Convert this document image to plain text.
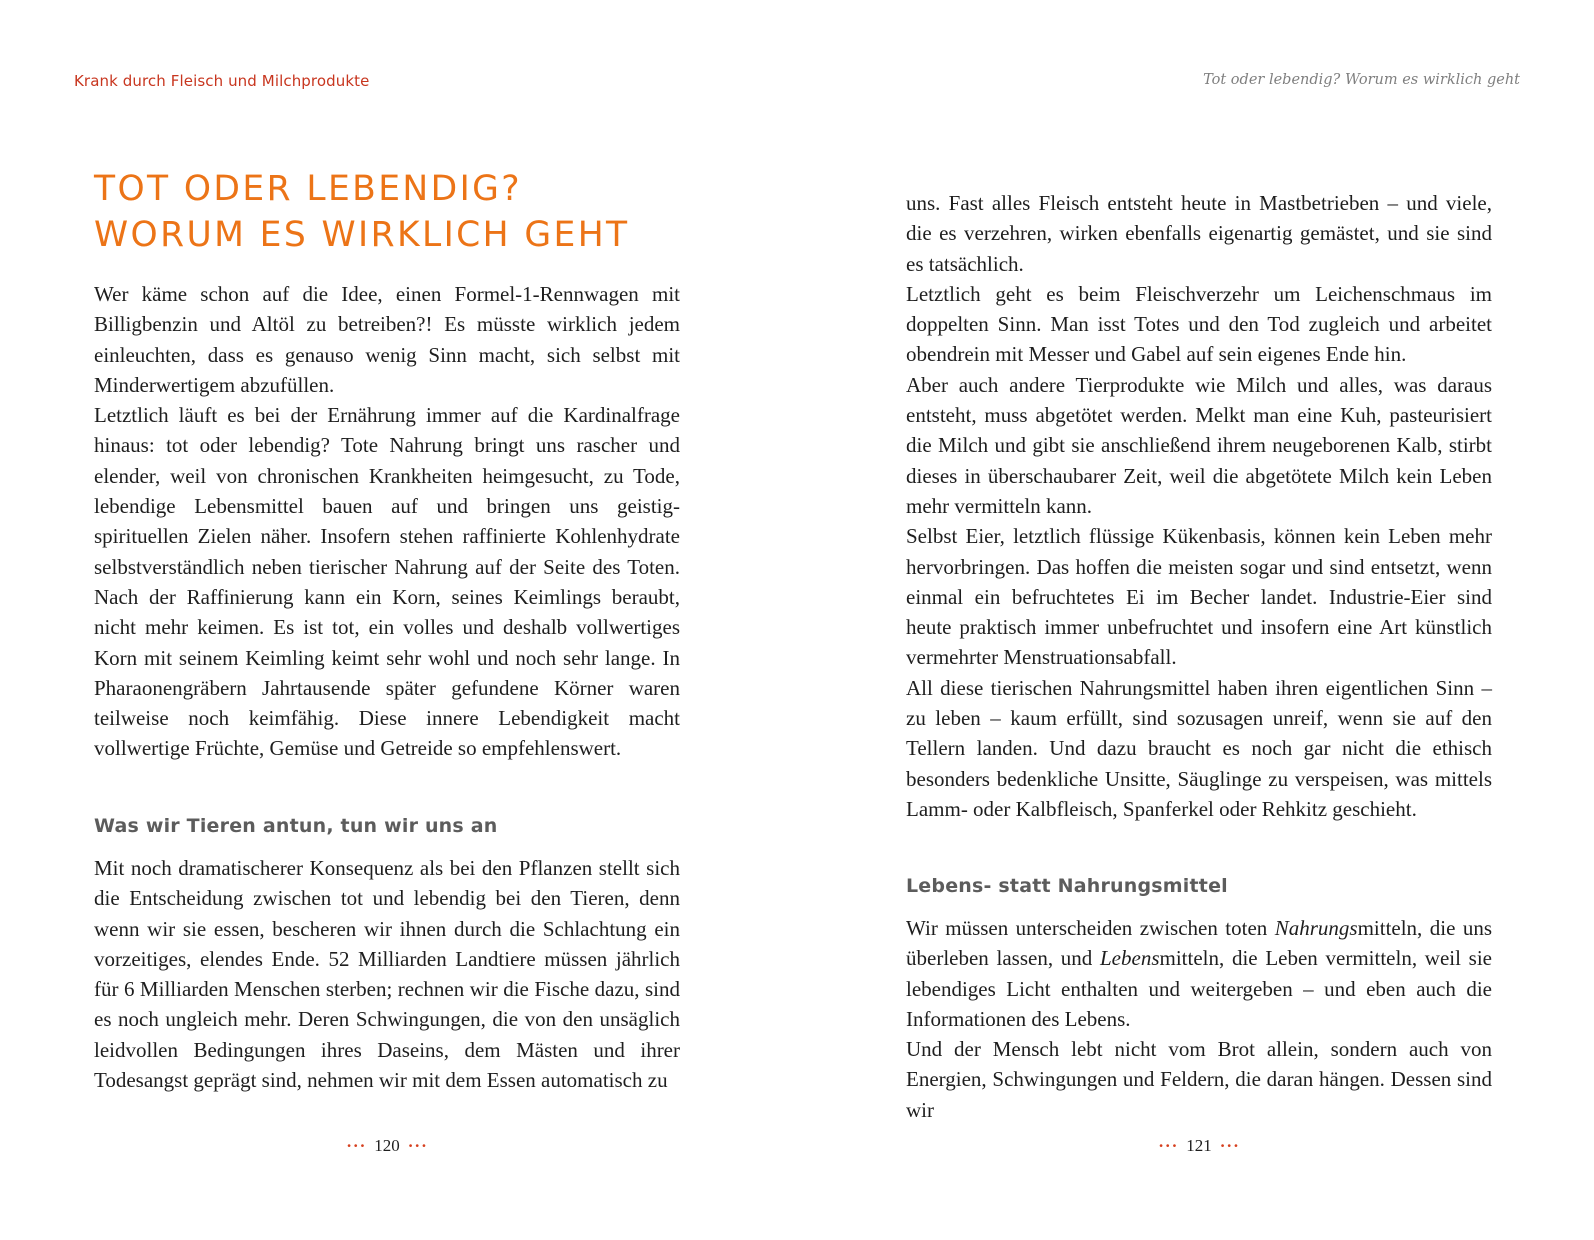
Krank durch Fleisch und Milchprodukte	Tot oder lebendig? Worum es wirklich geht
TOT ODER LEBENDIG?
WORUM ES WIRKLICH GEHT

Wer käme schon auf die Idee, einen Formel-1-Rennwagen mit Billigbenzin und Altöl zu betreiben?! Es müsste wirklich jedem einleuchten, dass es genauso wenig Sinn macht, sich selbst mit Minderwertigem abzufüllen.

Letztlich läuft es bei der Ernährung immer auf die Kardinalfrage hinaus: tot oder lebendig? Tote Nahrung bringt uns rascher und elender, weil von chronischen Krankheiten heimgesucht, zu Tode, lebendige Lebensmittel bauen auf und bringen uns geistig-spirituellen Zielen näher. Insofern stehen raffinierte Kohlenhydrate selbstverständlich neben tierischer Nahrung auf der Seite des Toten. Nach der Raffinierung kann ein Korn, seines Keimlings beraubt, nicht mehr keimen. Es ist tot, ein volles und deshalb vollwertiges Korn mit seinem Keimling keimt sehr wohl und noch sehr lange. In Pharaonengräbern Jahrtausende später gefundene Körner waren teilweise noch keimfähig. Diese innere Lebendigkeit macht vollwertige Früchte, Gemüse und Getreide so empfehlenswert.

Was wir Tieren antun, tun wir uns an

Mit noch dramatischerer Konsequenz als bei den Pflanzen stellt sich die Entscheidung zwischen tot und lebendig bei den Tieren, denn wenn wir sie essen, bescheren wir ihnen durch die Schlachtung ein vorzeitiges, elendes Ende. 52 Milliarden Landtiere müssen jährlich für 6 Milliarden Menschen sterben; rechnen wir die Fische dazu, sind es noch ungleich mehr. Deren Schwingungen, die von den unsäglich leidvollen Bedingungen ihres Daseins, dem Mästen und ihrer Todesangst geprägt sind, nehmen wir mit dem Essen automatisch zu

··· 120 ···

uns. Fast alles Fleisch entsteht heute in Mastbetrieben – und viele, die es verzehren, wirken ebenfalls eigenartig gemästet, und sie sind es tatsächlich.

Letztlich geht es beim Fleischverzehr um Leichenschmaus im doppelten Sinn. Man isst Totes und den Tod zugleich und arbeitet obendrein mit Messer und Gabel auf sein eigenes Ende hin.

Aber auch andere Tierprodukte wie Milch und alles, was daraus entsteht, muss abgetötet werden. Melkt man eine Kuh, pasteurisiert die Milch und gibt sie anschließend ihrem neugeborenen Kalb, stirbt dieses in überschaubarer Zeit, weil die abgetötete Milch kein Leben mehr vermitteln kann.

Selbst Eier, letztlich flüssige Kükenbasis, können kein Leben mehr hervorbringen. Das hoffen die meisten sogar und sind entsetzt, wenn einmal ein befruchtetes Ei im Becher landet. Industrie-Eier sind heute praktisch immer unbefruchtet und insofern eine Art künstlich vermehrter Menstruationsabfall.

All diese tierischen Nahrungsmittel haben ihren eigentlichen Sinn – zu leben – kaum erfüllt, sind sozusagen unreif, wenn sie auf den Tellern landen. Und dazu braucht es noch gar nicht die ethisch besonders bedenkliche Unsitte, Säuglinge zu verspeisen, was mittels Lamm- oder Kalbfleisch, Spanferkel oder Rehkitz geschieht.

Lebens- statt Nahrungsmittel

Wir müssen unterscheiden zwischen toten Nahrungsmitteln, die uns überleben lassen, und Lebensmitteln, die Leben vermitteln, weil sie lebendiges Licht enthalten und weitergeben – und eben auch die Informationen des Lebens.

Und der Mensch lebt nicht vom Brot allein, sondern auch von Energien, Schwingungen und Feldern, die daran hängen. Dessen sind wir

··· 121 ···
